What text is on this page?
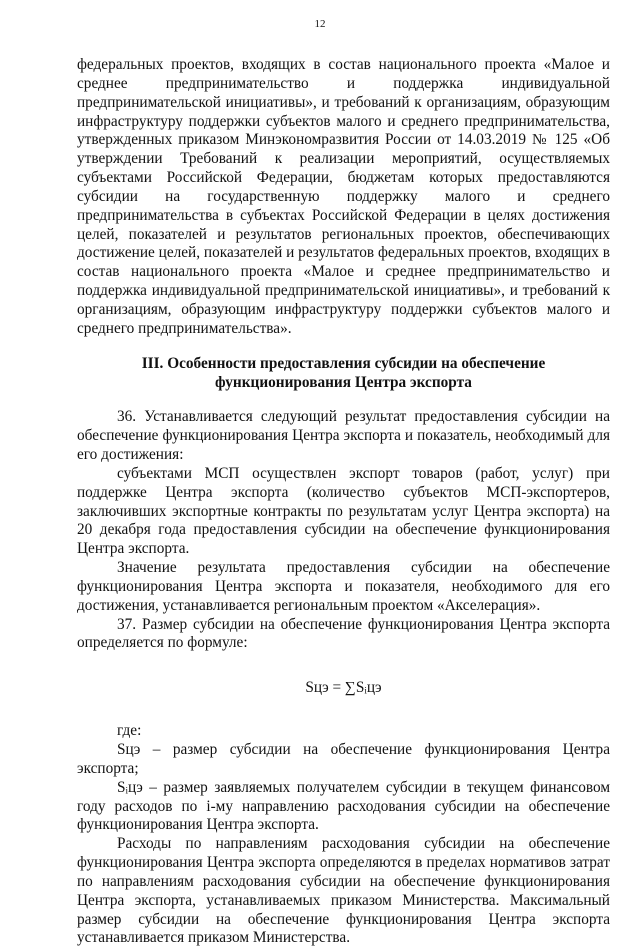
12

федеральных проектов, входящих в состав национального проекта «Малое и среднее предпринимательство и поддержка индивидуальной предпринимательской инициативы», и требований к организациям, образующим инфраструктуру поддержки субъектов малого и среднего предпринимательства, утвержденных приказом Минэкономразвития России от 14.03.2019 № 125 «Об утверждении Требований к реализации мероприятий, осуществляемых субъектами Российской Федерации, бюджетам которых предоставляются субсидии на государственную поддержку малого и среднего предпринимательства в субъектах Российской Федерации в целях достижения целей, показателей и результатов региональных проектов, обеспечивающих достижение целей, показателей и результатов федеральных проектов, входящих в состав национального проекта «Малое и среднее предпринимательство и поддержка индивидуальной предпринимательской инициативы», и требований к организациям, образующим инфраструктуру поддержки субъектов малого и среднего предпринимательства».

III. Особенности предоставления субсидии на обеспечение
функционирования Центра экспорта

36. Устанавливается следующий результат предоставления субсидии на обеспечение функционирования Центра экспорта и показатель, необходимый для его достижения:

субъектами МСП осуществлен экспорт товаров (работ, услуг) при поддержке Центра экспорта (количество субъектов МСП-экспортеров, заключивших экспортные контракты по результатам услуг Центра экспорта) на 20 декабря года предоставления субсидии на обеспечение функционирования Центра экспорта.

Значение результата предоставления субсидии на обеспечение функционирования Центра экспорта и показателя, необходимого для его достижения, устанавливается региональным проектом «Акселерация».

37. Размер субсидии на обеспечение функционирования Центра экспорта определяется по формуле:

Sцэ = ∑Sᵢцэ

где:

Sцэ – размер субсидии на обеспечение функционирования Центра экспорта;

Sᵢцэ – размер заявляемых получателем субсидии в текущем финансовом году расходов по i-му направлению расходования субсидии на обеспечение функционирования Центра экспорта.

Расходы по направлениям расходования субсидии на обеспечение функционирования Центра экспорта определяются в пределах нормативов затрат по направлениям расходования субсидии на обеспечение функционирования Центра экспорта, устанавливаемых приказом Министерства. Максимальный размер субсидии на обеспечение функционирования Центра экспорта устанавливается приказом Министерства.
